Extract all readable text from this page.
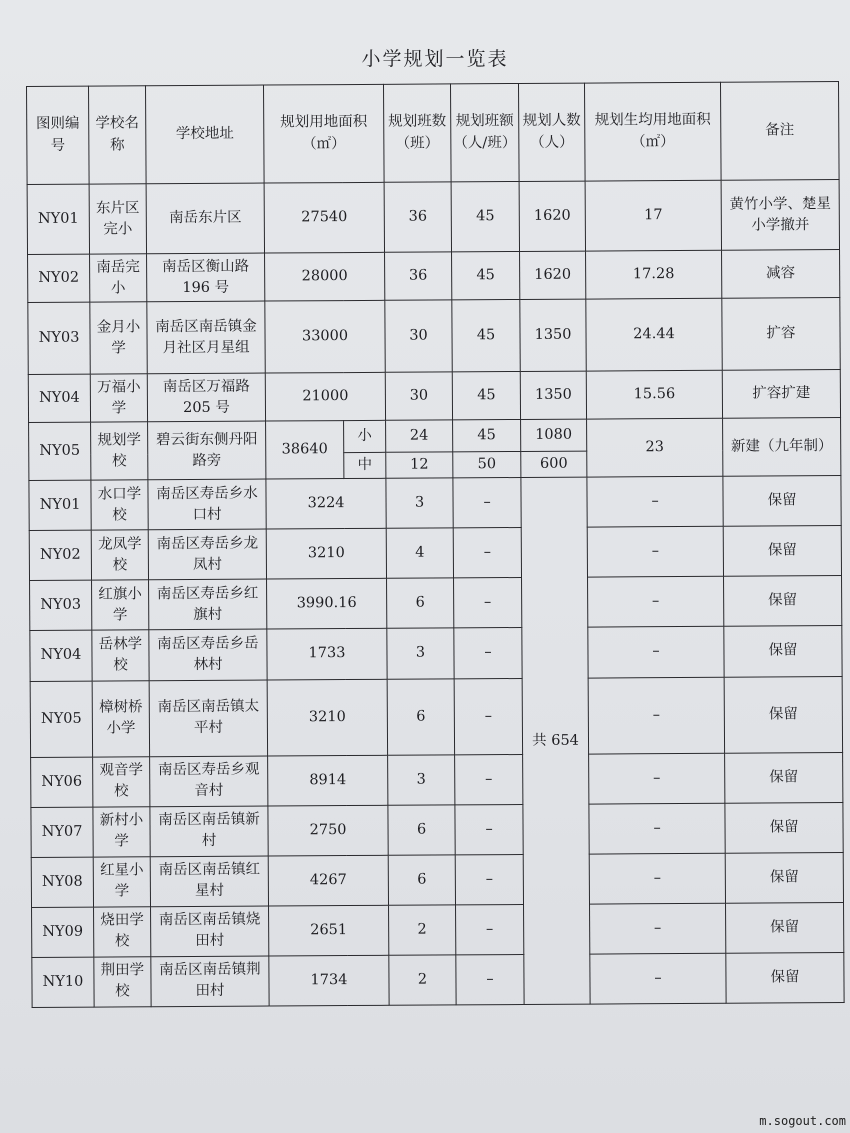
小学规划一览表
图则编号	学校名称	学校地址	规划用地面积（㎡）		规划班数（班）	规划班额（人/班）	规划人数（人）	规划生均用地面积（㎡）	备注
NY01	东片区完小	南岳东片区	27540		36	45	1620	17	黄竹小学、楚星小学撤并
NY02	南岳完小	南岳区衡山路 196 号	28000		36	45	1620	17.28	减容
NY03	金月小学	南岳区南岳镇金月社区月星组	33000		30	45	1350	24.44	扩容
NY04	万福小学	南岳区万福路 205 号	21000		30	45	1350	15.56	扩容扩建
NY05	规划学校	碧云街东侧丹阳路旁	38640	小	24	45	1080	23	新建（九年制）
				中	12	50	600		
NY01	水口学校	南岳区寿岳乡水口村	3224		3	–	共 654	–	保留
NY02	龙凤学校	南岳区寿岳乡龙凤村	3210		4	–		–	保留
NY03	红旗小学	南岳区寿岳乡红旗村	3990.16		6	–		–	保留
NY04	岳林学校	南岳区寿岳乡岳林村	1733		3	–		–	保留
NY05	樟树桥小学	南岳区南岳镇太平村	3210		6	–		–	保留
NY06	观音学校	南岳区寿岳乡观音村	8914		3	–		–	保留
NY07	新村小学	南岳区南岳镇新村	2750		6	–		–	保留
NY08	红星小学	南岳区南岳镇红星村	4267		6	–		–	保留
NY09	烧田学校	南岳区南岳镇烧田村	2651		2	–		–	保留
NY10	荆田学校	南岳区南岳镇荆田村	1734		2	–		–	保留
m.sogout.com
